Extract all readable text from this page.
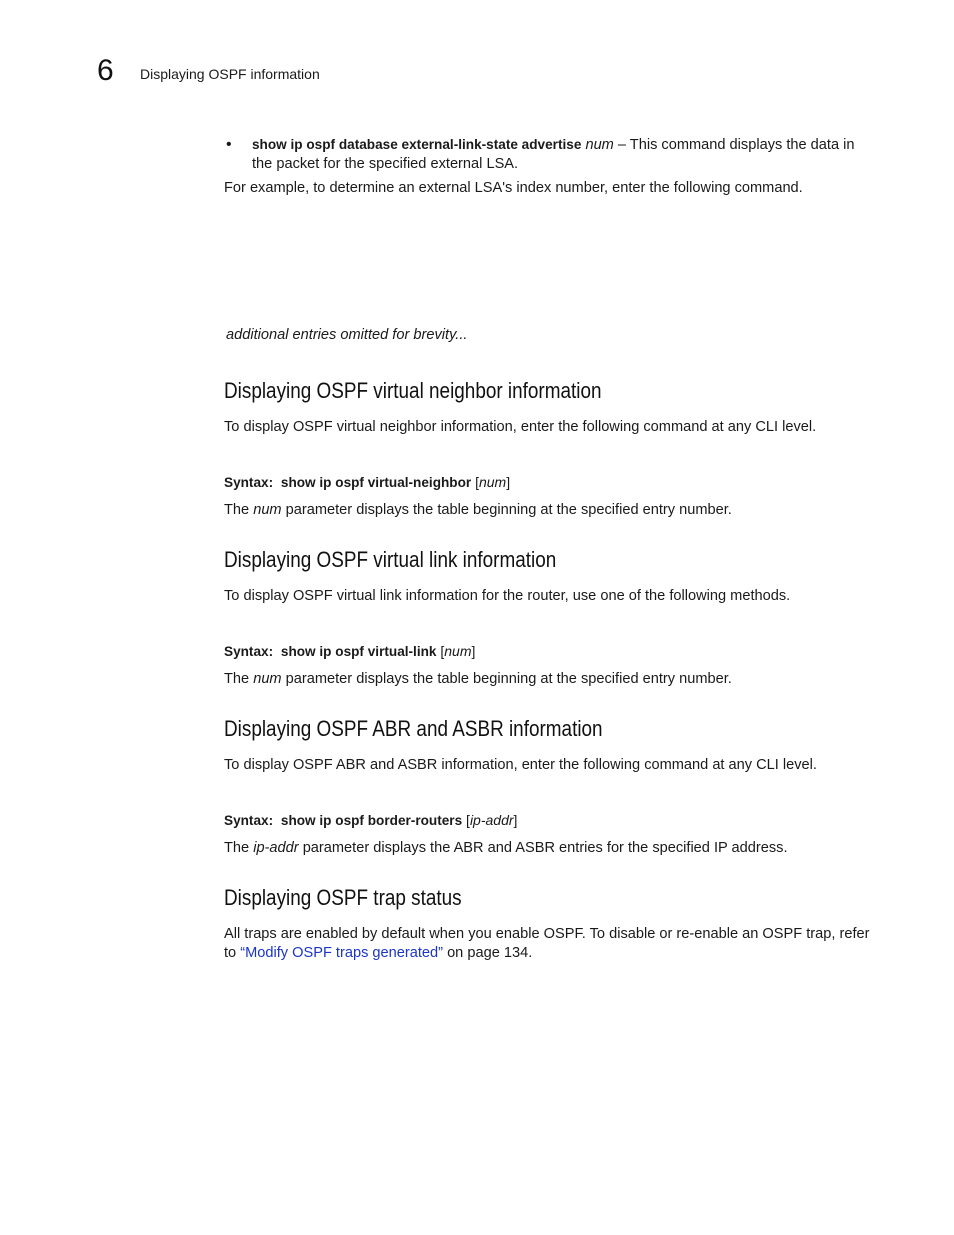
6 Displaying OSPF information
• show ip ospf database external-link-state advertise num – This command displays the data in the packet for the specified external LSA.
For example, to determine an external LSA's index number, enter the following command.
additional entries omitted for brevity...
Displaying OSPF virtual neighbor information
To display OSPF virtual neighbor information, enter the following command at any CLI level.
Syntax: show ip ospf virtual-neighbor [num]
The num parameter displays the table beginning at the specified entry number.
Displaying OSPF virtual link information
To display OSPF virtual link information for the router, use one of the following methods.
Syntax: show ip ospf virtual-link [num]
The num parameter displays the table beginning at the specified entry number.
Displaying OSPF ABR and ASBR information
To display OSPF ABR and ASBR information, enter the following command at any CLI level.
Syntax: show ip ospf border-routers [ip-addr]
The ip-addr parameter displays the ABR and ASBR entries for the specified IP address.
Displaying OSPF trap status
All traps are enabled by default when you enable OSPF. To disable or re-enable an OSPF trap, refer
to “Modify OSPF traps generated” on page 134.
